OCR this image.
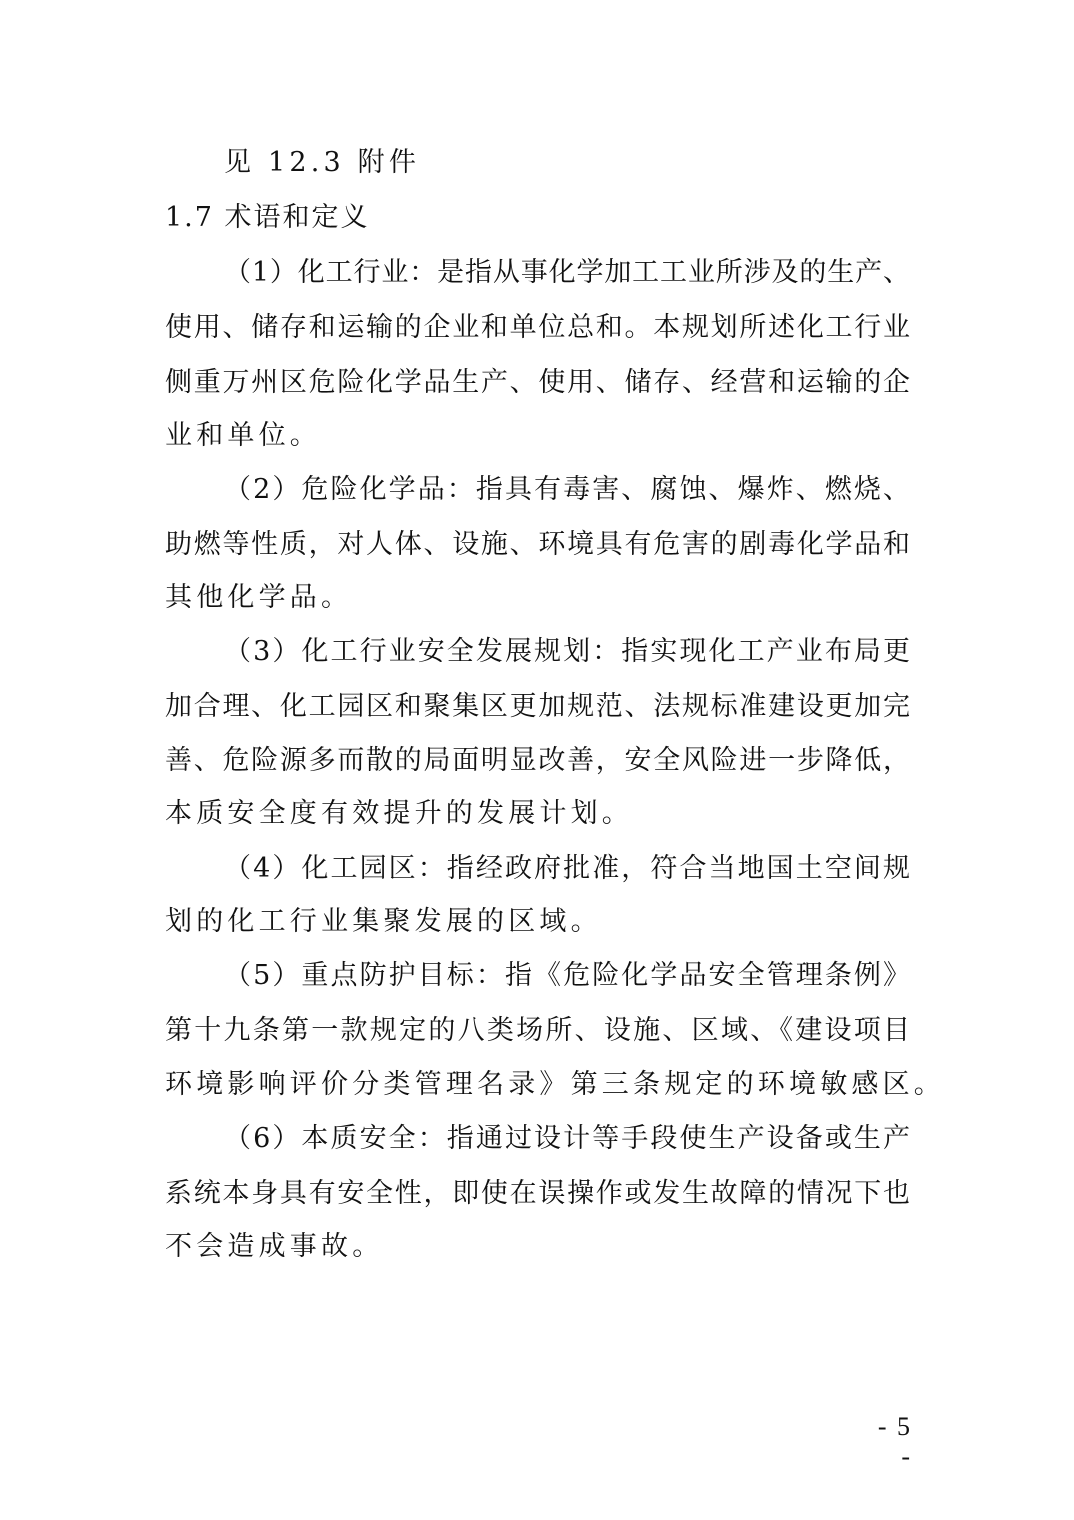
见 12.3 附件
1.7 术语和定义
（1）化工行业：是指从事化学加工工业所涉及的生产、
使用、储存和运输的企业和单位总和。本规划所述化工行业
侧重万州区危险化学品生产、使用、储存、经营和运输的企
业和单位。
（2）危险化学品：指具有毒害、腐蚀、爆炸、燃烧、
助燃等性质，对人体、设施、环境具有危害的剧毒化学品和
其他化学品。
（3）化工行业安全发展规划：指实现化工产业布局更
加合理、化工园区和聚集区更加规范、法规标准建设更加完
善、危险源多而散的局面明显改善，安全风险进一步降低，
本质安全度有效提升的发展计划。
（4）化工园区：指经政府批准，符合当地国土空间规
划的化工行业集聚发展的区域。
（5）重点防护目标：指《危险化学品安全管理条例》
第十九条第一款规定的八类场所、设施、区域、《建设项目
环境影响评价分类管理名录》第三条规定的环境敏感区。
（6）本质安全：指通过设计等手段使生产设备或生产
系统本身具有安全性，即使在误操作或发生故障的情况下也
不会造成事故。
- 5 -
